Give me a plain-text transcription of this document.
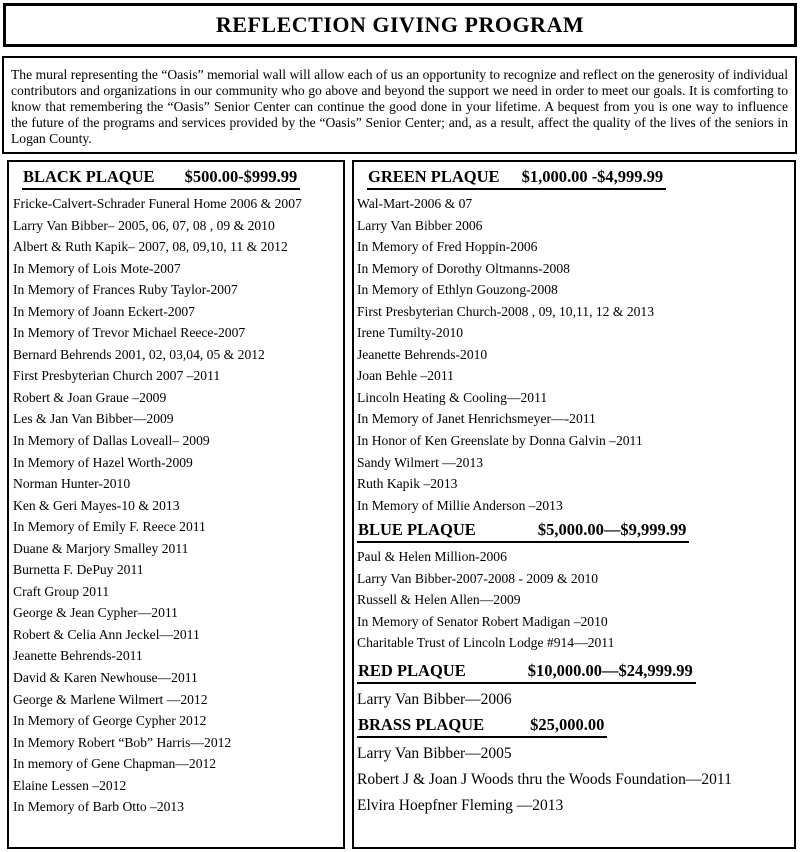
REFLECTION GIVING PROGRAM

The mural representing the “Oasis” memorial wall will allow each of us an opportunity to recognize and reflect on the generosity of individual contributors and organizations in our community who go above and beyond the support we need in order to meet our goals. It is comforting to know that remembering the “Oasis” Senior Center can continue the good done in your lifetime. A bequest from you is one way to influence the future of the programs and services provided by the “Oasis” Senior Center; and, as a result, affect the quality of the lives of the seniors in Logan County.

BLACK PLAQUE $500.00-$999.99
Fricke-Calvert-Schrader Funeral Home 2006 & 2007
Larry Van Bibber– 2005, 06, 07, 08 , 09 & 2010
Albert & Ruth Kapik– 2007, 08, 09,10, 11 & 2012
In Memory of Lois Mote-2007
In Memory of Frances Ruby Taylor-2007
In Memory of Joann Eckert-2007
In Memory of Trevor Michael Reece-2007
Bernard Behrends 2001, 02, 03,04, 05 & 2012
First Presbyterian Church 2007 –2011
Robert & Joan Graue –2009
Les & Jan Van Bibber—2009
In Memory of Dallas Loveall– 2009
In Memory of Hazel Worth-2009
Norman Hunter-2010
Ken & Geri Mayes-10 & 2013
In Memory of Emily F. Reece 2011
Duane & Marjory Smalley 2011
Burnetta F. DePuy 2011
Craft Group 2011
George & Jean Cypher—2011
Robert & Celia Ann Jeckel—2011
Jeanette Behrends-2011
David & Karen Newhouse—2011
George & Marlene Wilmert —2012
In Memory of George Cypher 2012
In Memory Robert “Bob” Harris—2012
In memory of Gene Chapman—2012
Elaine Lessen –2012
In Memory of Barb Otto –2013
GREEN PLAQUE $1,000.00 -$4,999.99
Wal-Mart-2006 & 07
Larry Van Bibber 2006
In Memory of Fred Hoppin-2006
In Memory of Dorothy Oltmanns-2008
In Memory of Ethlyn Gouzong-2008
First Presbyterian Church-2008 , 09, 10,11, 12 & 2013
Irene Tumilty-2010
Jeanette Behrends-2010
Joan Behle –2011
Lincoln Heating & Cooling—2011
In Memory of Janet Henrichsmeyer—-2011
In Honor of Ken Greenslate by Donna Galvin –2011
Sandy Wilmert —2013
Ruth Kapik –2013
In Memory of Millie Anderson –2013
BLUE PLAQUE	$5,000.00—$9,999.99
Paul & Helen Million-2006
Larry Van Bibber-2007-2008 - 2009 & 2010
Russell & Helen Allen—2009
In Memory of Senator Robert Madigan –2010
Charitable Trust of Lincoln Lodge #914—2011
RED PLAQUE	$10,000.00—$24,999.99
Larry Van Bibber—2006
BRASS PLAQUE	$25,000.00
Larry Van Bibber—2005
Robert J & Joan J Woods thru the Woods Foundation—2011
Elvira Hoepfner Fleming —2013
